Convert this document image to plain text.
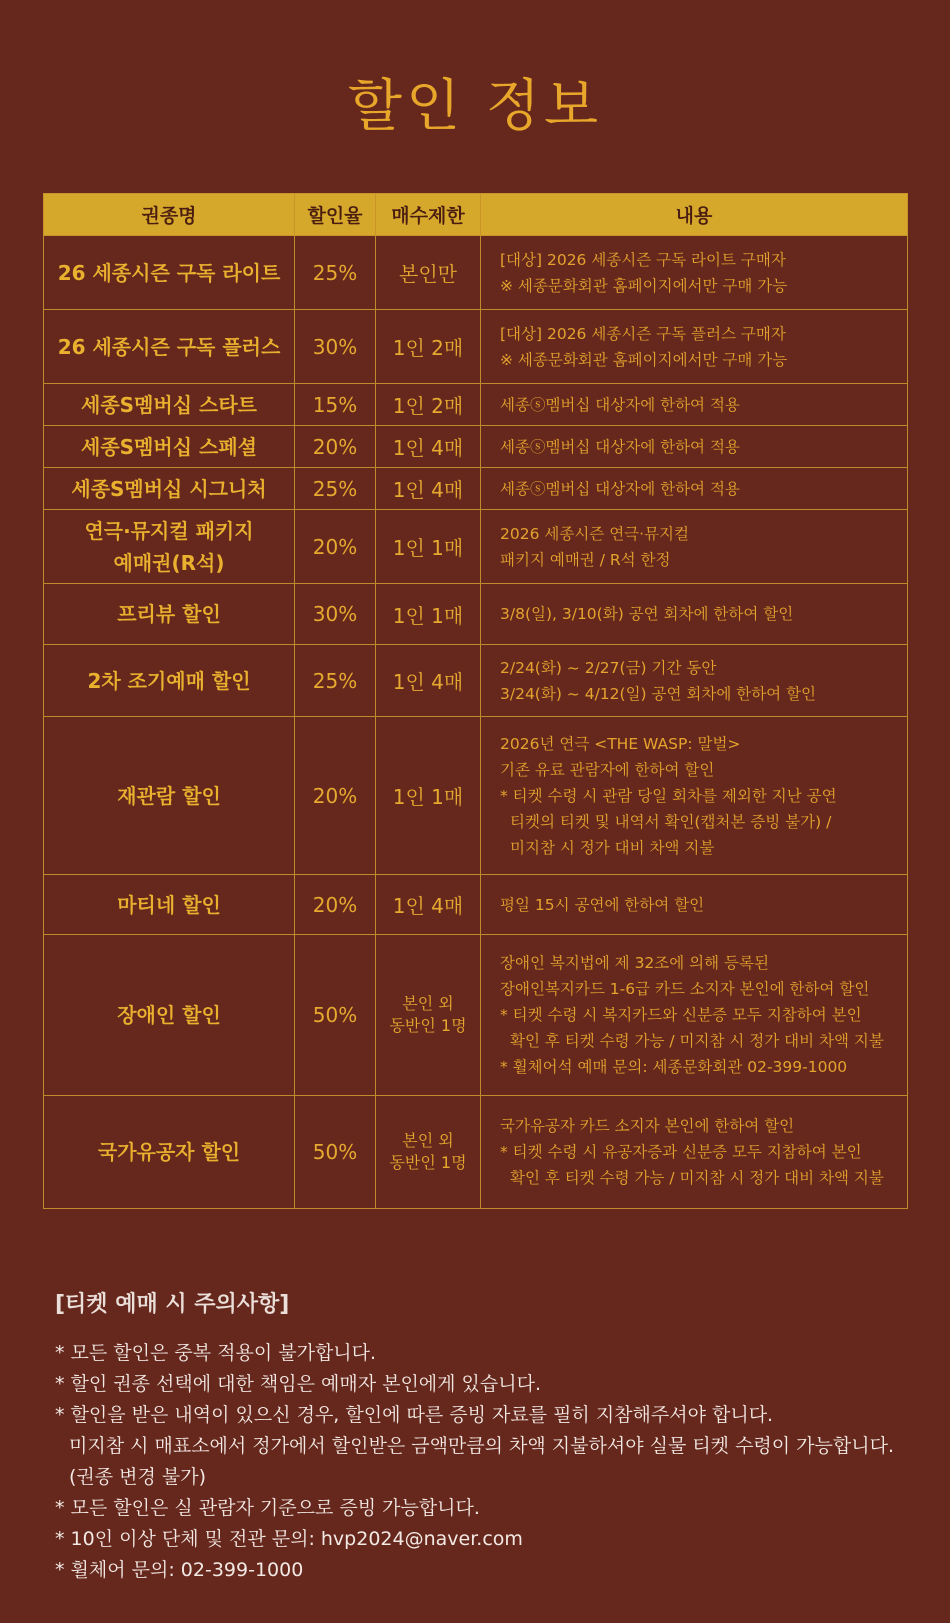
할인 정보
권종명	할인율	매수제한	내용

26 세종시즌 구독 라이트	25%	본인만	[대상] 2026 세종시즌 구독 라이트 구매자
※ 세종문화회관 홈페이지에서만 구매 가능

26 세종시즌 구독 플러스	30%	1인 2매	[대상] 2026 세종시즌 구독 플러스 구매자
※ 세종문화회관 홈페이지에서만 구매 가능

세종S멤버십 스타트	15%	1인 2매	세종ⓢ멤버십 대상자에 한하여 적용

세종S멤버십 스페셜	20%	1인 4매	세종ⓢ멤버십 대상자에 한하여 적용

세종S멤버십 시그니처	25%	1인 4매	세종ⓢ멤버십 대상자에 한하여 적용

연극·뮤지컬 패키지
예매권(R석)	20%	1인 1매	2026 세종시즌 연극·뮤지컬
패키지 예매권 / R석 한정

프리뷰 할인	30%	1인 1매	3/8(일), 3/10(화) 공연 회차에 한하여 할인

2차 조기예매 할인	25%	1인 4매	2/24(화) ~ 2/27(금) 기간 동안
3/24(화) ~ 4/12(일) 공연 회차에 한하여 할인

재관람 할인	20%	1인 1매	2026년 연극 <THE WASP: 말벌>
기존 유료 관람자에 한하여 할인
* 티켓 수령 시 관람 당일 회차를 제외한 지난 공연
티켓의 티켓 및 내역서 확인(캡처본 증빙 불가) /
미지참 시 정가 대비 차액 지불

마티네 할인	20%	1인 4매	평일 15시 공연에 한하여 할인

장애인 할인	50%	본인 외
동반인 1명	장애인 복지법에 제 32조에 의해 등록된
장애인복지카드 1-6급 카드 소지자 본인에 한하여 할인
* 티켓 수령 시 복지카드와 신분증 모두 지참하여 본인
확인 후 티켓 수령 가능 / 미지참 시 정가 대비 차액 지불
* 휠체어석 예매 문의: 세종문화회관 02-399-1000

국가유공자 할인	50%	본인 외
동반인 1명	국가유공자 카드 소지자 본인에 한하여 할인
* 티켓 수령 시 유공자증과 신분증 모두 지참하여 본인
확인 후 티켓 수령 가능 / 미지참 시 정가 대비 차액 지불
[티켓 예매 시 주의사항]
* 모든 할인은 중복 적용이 불가합니다.
* 할인 권종 선택에 대한 책임은 예매자 본인에게 있습니다.
* 할인을 받은 내역이 있으신 경우, 할인에 따른 증빙 자료를 필히 지참해주셔야 합니다.
미지참 시 매표소에서 정가에서 할인받은 금액만큼의 차액 지불하셔야 실물 티켓 수령이 가능합니다.
(권종 변경 불가)
* 모든 할인은 실 관람자 기준으로 증빙 가능합니다.
* 10인 이상 단체 및 전관 문의: hvp2024@naver.com
* 휠체어 문의: 02-399-1000
